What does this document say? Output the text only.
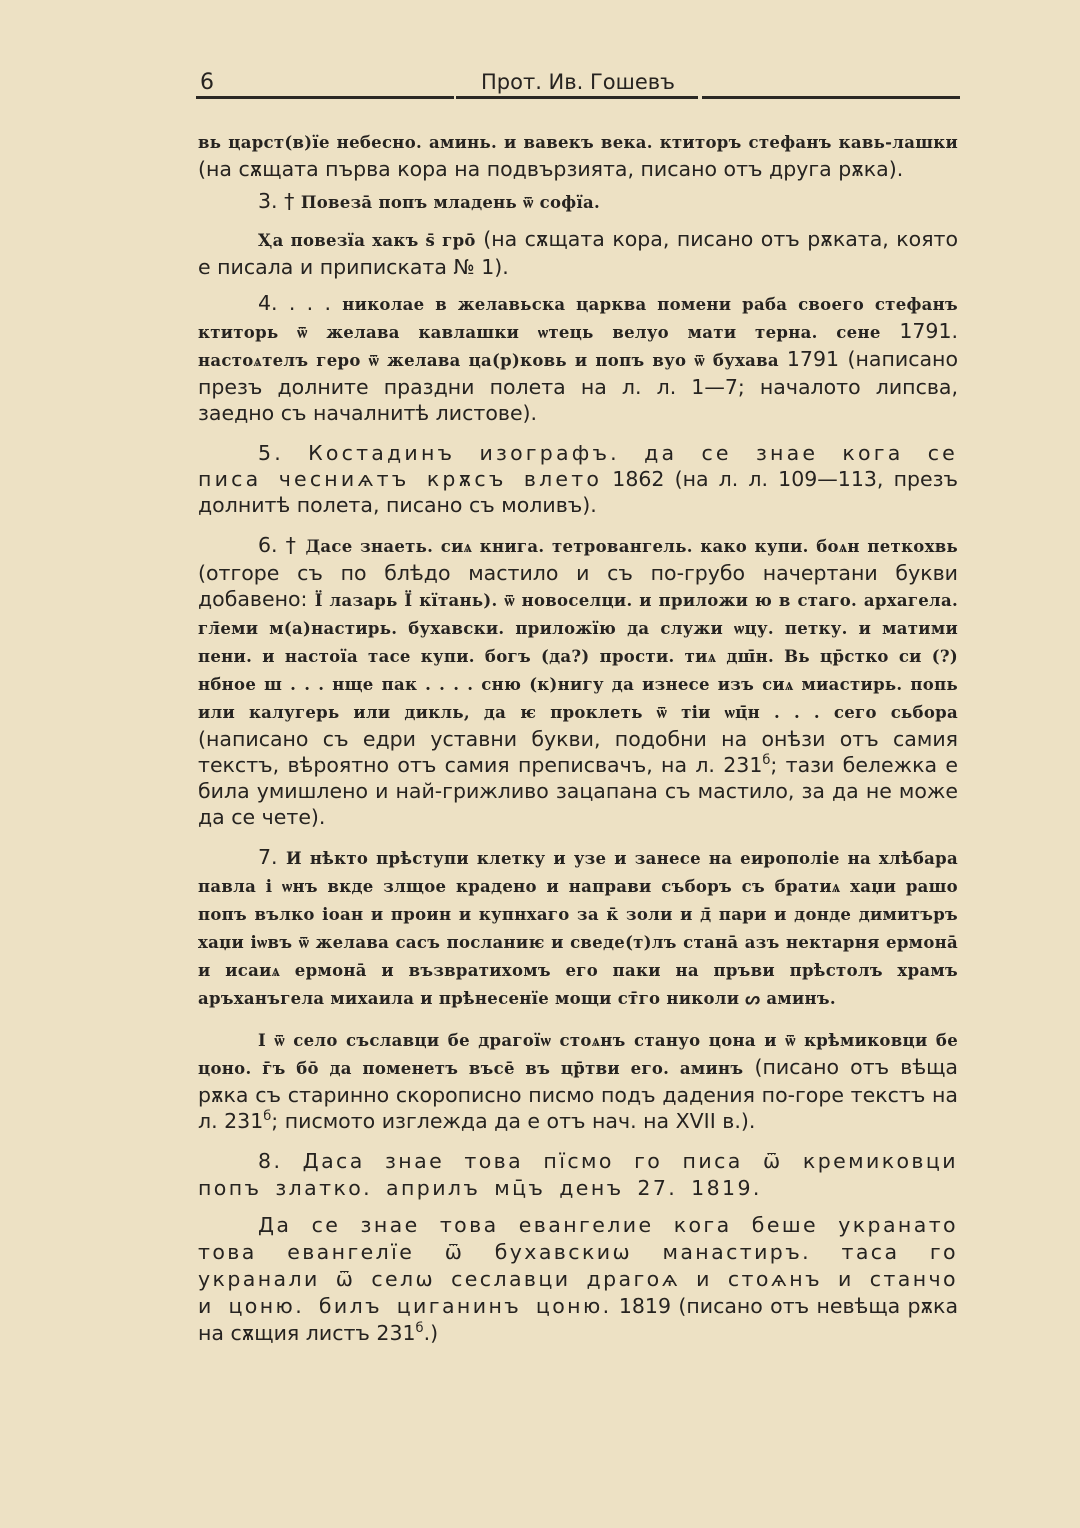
6	Прот. Ив. Гошевъ

вь царст(в)їе небесно. аминь. и вавекъ века. ктиторъ стефанъ кавь-лашки (на сѫщата първа кора на подвързията, писано отъ друга рѫка).

3. † Повеза̄ попъ младень ѿ софїа.

Ҳа повезїа хакъ ѕ̄ гро̄ (на сѫщата кора, писано отъ рѫката, която е писала и приписката № 1).

4. . . . николае в желавьска царква помени раба своего стефанъ ктиторь ѿ желава кавлашки ѡтець велуо мати терна. сене 1791. настоѧтелъ геро ѿ желава ца(р)ковь и попъ вуо ѿ бухава 1791 (написано презъ долните праздни полета на л. л. 1—7; началото липсва, заедно съ началнитѣ листове).

5. Костадинъ изографъ. да се знае кога се писа чесниѧтъ крѫсъ влето 1862 (на л. л. 109—113, презъ долнитѣ полета, писано съ моливъ).

6. † Дасе знаеть. сиѧ книга. тетровангель. како купи. боѧн петкохвь (отгоре съ по блѣдо мастило и съ по-грубо начертани букви добавено: Ї лазарь Ї кїтань). ѿ новоселци. и приложи ю в стаго. архагела. гл̄еми м(а)настирь. бухавски. приложїю да служи ѡцу. петку. и матими пени. и настоїа тасе купи. богъ (да?) прости. тиѧ дш̄н. Вь цр̄стко си (?) нб̄ное ш . . . нще пак . . . . сню (к)нигу да изнесе изъ сиѧ миастирь. попь или калугерь или дикль, да ѥ проклеть ѿ тіи ѡц̄н . . . сего сьбора (написано съ едри уставни букви, подобни на онѣзи отъ самия текстъ, вѣроятно отъ самия преписвачъ, на л. $231^б$; тази бележка е била умишлено и най-грижливо зацапана съ мастило, за да не може да се чете).

7. И нѣкто прѣступи клетку и узе и занесе на еирополіе на хлѣбара павла і ѡнъ вкде злщое крадено и направи съборъ съ братиѧ хаџи рашо попъ вълко іоан и проин и купнхаго за к̄ золи и д̄ пари и донде димитъръ хаџи іѡвъ ѿ желава сасъ посланиѥ и сведе(т)лъ стана̄ азъ нектарня ермона̄ и исаиѧ ермона̄ и възвратихомъ его паки на пръви прѣстолъ храмъ аръханъгела михаила и прѣнесенїе мощи ст̄го николи ᔕ аминъ.

І ѿ село съславци бе драгоїѡ стоѧнъ стануо цона и ѿ крѣмиковци бе цоно. г̄ъ бо̄ да поменетъ въсе̄ въ цр̄тви его. аминъ (писано отъ вѣща рѫка съ старинно скорописно писмо подъ дадения по-горе текстъ на л. $231^б$; писмото изглежда да е отъ нач. на XVII в.).

8. Даса знае това пїсмо го писа ѿ кремиковци попъ златко. априлъ мц̄ъ денъ 27. 1819.

Да се знае това евангелие кога беше укранато това евангелїе ѿ бухавскиѡ манастиръ. таса го укранали ѿ селѡ сеславци драгоѧ и стоѧнъ и станчо и цоню. билъ циганинъ цоню. 1819 (писано отъ невѣща рѫка на сѫщия листъ $231^б$.)
